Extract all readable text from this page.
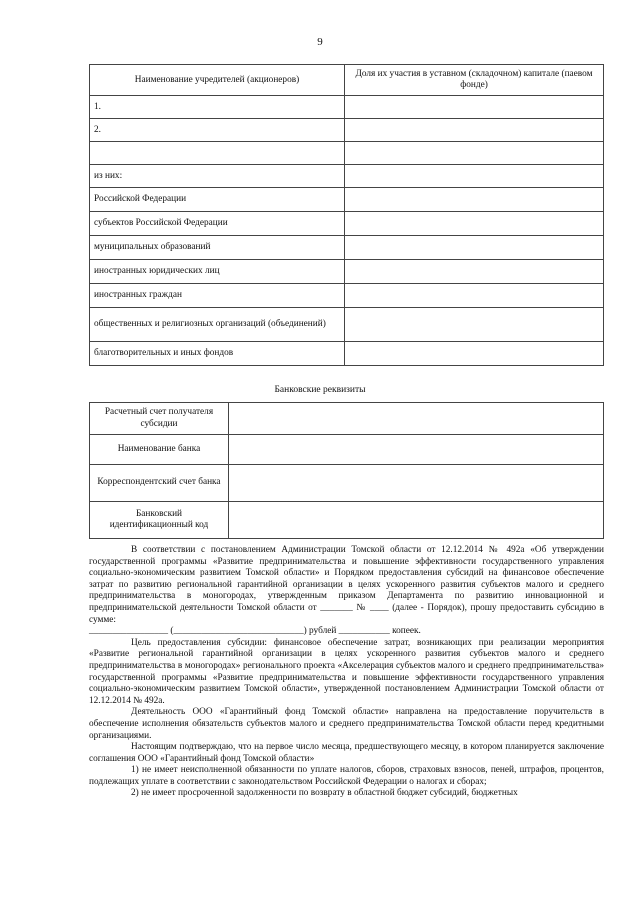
9
Наименование учредителей (акционеров)	Доля их участия в уставном (складочном) капитале (паевом фонде)
1.	
2.	

из них:	
Российской Федерации	
субъектов Российской Федерации	
муниципальных образований	
иностранных юридических лиц	
иностранных граждан	
общественных и религиозных организаций (объединений)	
благотворительных и иных фондов	
Банковские реквизиты
Расчетный счет получателя субсидии	
Наименование банка	
Корреспондентский счет банка	
Банковский идентификационный код	

В соответствии с постановлением Администрации Томской области от 12.12.2014 № 492а «Об утверждении государственной программы «Развитие предпринимательства и повышение эффективности государственного управления социально-экономическим развитием Томской области» и Порядком предоставления субсидий на финансовое обеспечение затрат по развитию региональной гарантийной организации в целях ускоренного развития субъектов малого и среднего предпринимательства в моногородах, утвержденным приказом Департамента по развитию инновационной и предпринимательской деятельности Томской области от _______ № ____ (далее - Порядок), прошу предоставить субсидию в сумме:

_________________ (____________________________) рублей ___________ копеек.

Цель предоставления субсидии: финансовое обеспечение затрат, возникающих при реализации мероприятия «Развитие региональной гарантийной организации в целях ускоренного развития субъектов малого и среднего предпринимательства в моногородах» регионального проекта «Акселерация субъектов малого и среднего предпринимательства» государственной программы «Развитие предпринимательства и повышение эффективности государственного управления социально-экономическим развитием Томской области», утвержденной постановлением Администрации Томской области от 12.12.2014 № 492а.

Деятельность ООО «Гарантийный фонд Томской области» направлена на предоставление поручительств в обеспечение исполнения обязательств субъектов малого и среднего предпринимательства Томской области перед кредитными организациями.

Настоящим подтверждаю, что на первое число месяца, предшествующего месяцу, в котором планируется заключение соглашения ООО «Гарантийный фонд Томской области»

1) не имеет неисполненной обязанности по уплате налогов, сборов, страховых взносов, пеней, штрафов, процентов, подлежащих уплате в соответствии с законодательством Российской Федерации о налогах и сборах;

2) не имеет просроченной задолженности по возврату в областной бюджет субсидий, бюджетных
